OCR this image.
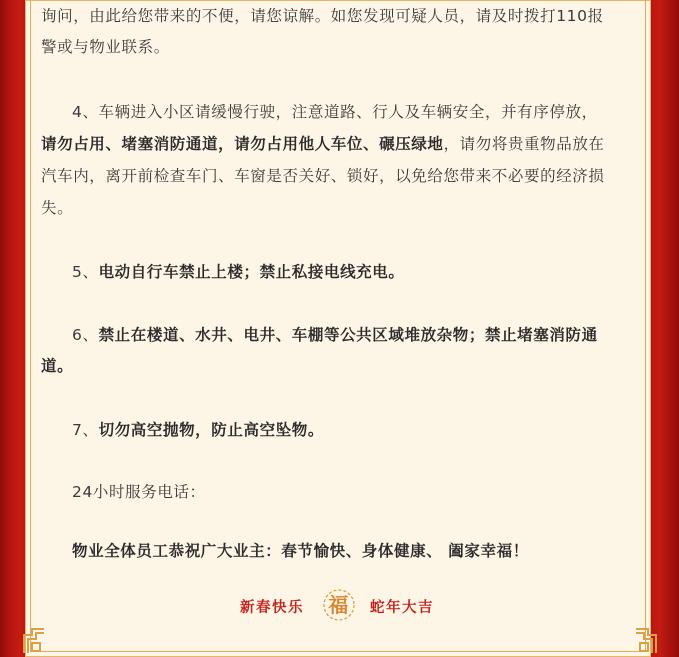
询问，由此给您带来的不便，请您谅解。如您发现可疑人员，请及时拨打110报

警或与物业联系。

4、车辆进入小区请缓慢行驶，注意道路、行人及车辆安全，并有序停放，

请勿占用、堵塞消防通道，请勿占用他人车位、碾压绿地，请勿将贵重物品放在

汽车内，离开前检查车门、车窗是否关好、锁好，以免给您带来不必要的经济损

失。

5、电动自行车禁止上楼；禁止私接电线充电。

6、禁止在楼道、水井、电井、车棚等公共区域堆放杂物；禁止堵塞消防通

道。

7、切勿高空抛物，防止高空坠物。

24小时服务电话：

物业全体员工恭祝广大业主：春节愉快、身体健康、 阖家幸福！

新春快乐 福 蛇年大吉
